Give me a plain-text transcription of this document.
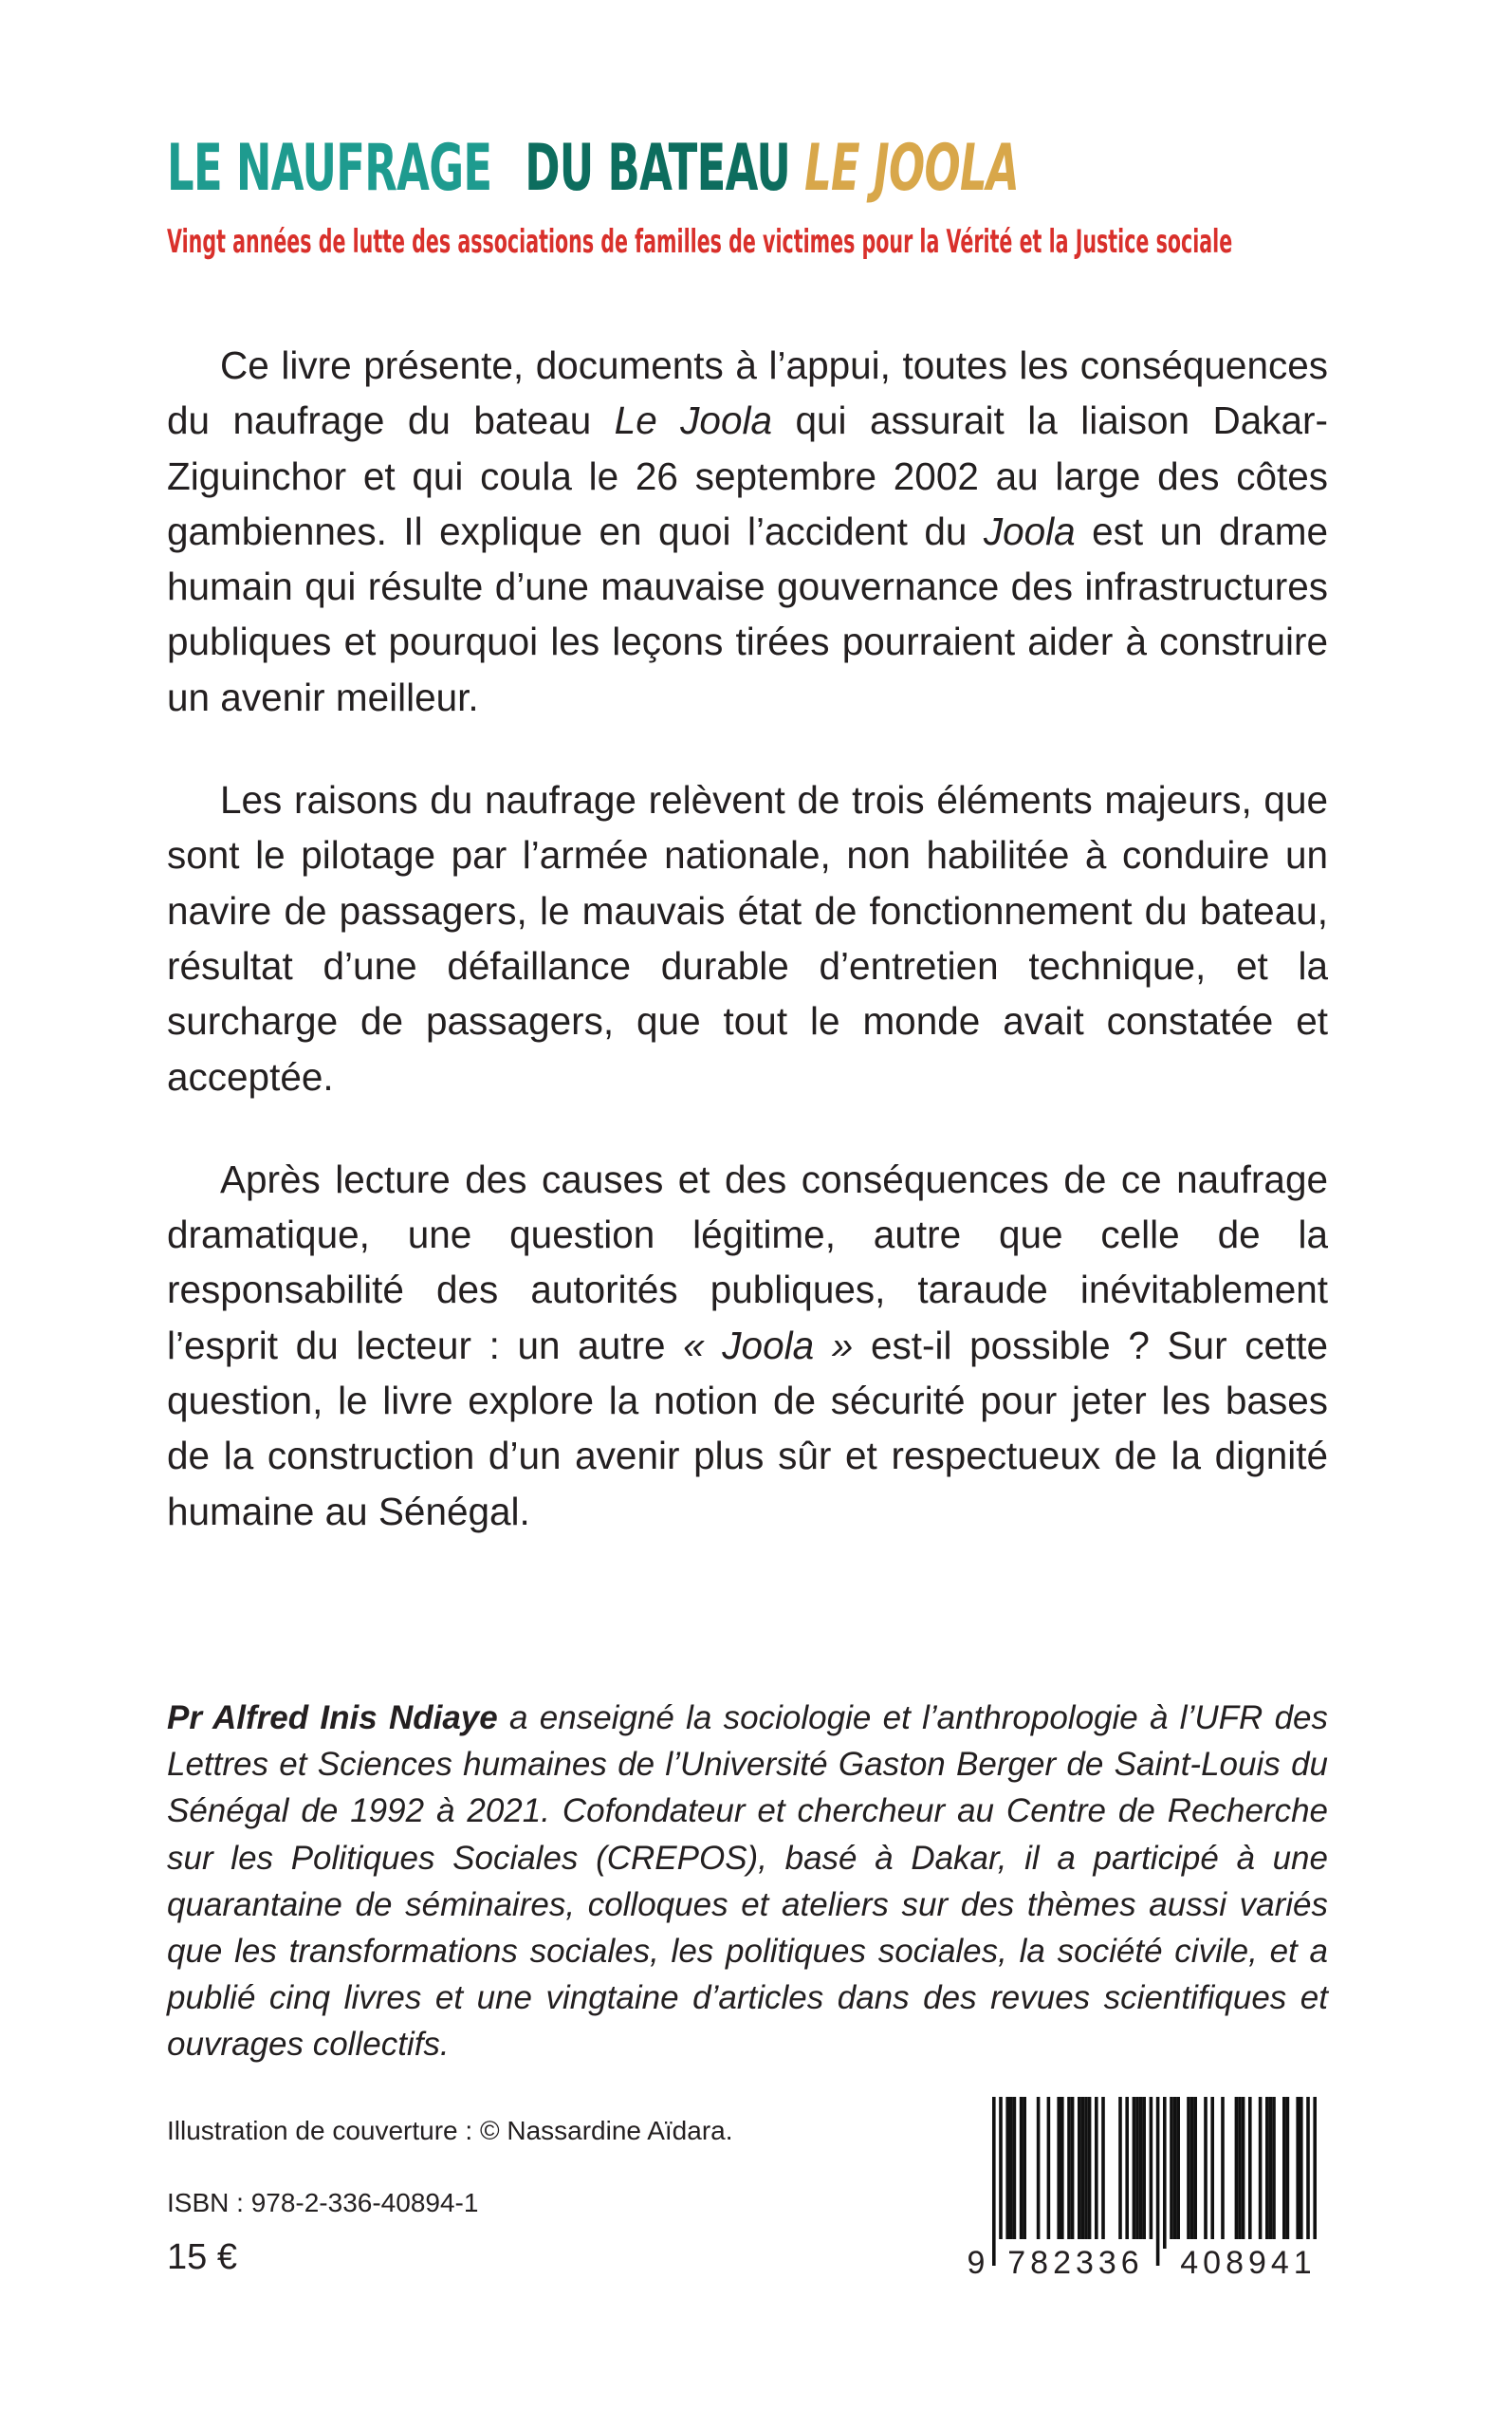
LE NAUFRAGE DU BATEAU LE JOOLA
Vingt années de lutte des associations de familles de victimes pour la Vérité et la Justice sociale

Ce livre présente, documents à l’appui, toutes les conséquences du naufrage du bateau Le Joola qui assurait la liaison Dakar-Ziguinchor et qui coula le 26 septembre 2002 au large des côtes gambiennes. Il explique en quoi l’accident du Joola est un drame humain qui résulte d’une mauvaise gouvernance des infrastructures publiques et pourquoi les leçons tirées pourraient aider à construire un avenir meilleur.

Les raisons du naufrage relèvent de trois éléments majeurs, que sont le pilotage par l’armée nationale, non habilitée à conduire un navire de passagers, le mauvais état de fonctionnement du bateau, résultat d’une défaillance durable d’entretien technique, et la surcharge de passagers, que tout le monde avait constatée et acceptée.

Après lecture des causes et des conséquences de ce naufrage dramatique, une question légitime, autre que celle de la responsabilité des autorités publiques, taraude inévitablement l’esprit du lecteur : un autre « Joola » est-il possible ? Sur cette question, le livre explore la notion de sécurité pour jeter les bases de la construction d’un avenir plus sûr et respectueux de la dignité humaine au Sénégal.

Pr Alfred Inis Ndiaye a enseigné la sociologie et l’anthropologie à l’UFR des Lettres et Sciences humaines de l’Université Gaston Berger de Saint-Louis du Sénégal de 1992 à 2021. Cofondateur et chercheur au Centre de Recherche sur les Politiques Sociales (CREPOS), basé à Dakar, il a participé à une quarantaine de séminaires, colloques et ateliers sur des thèmes aussi variés que les transformations sociales, les politiques sociales, la société civile, et a publié cinq livres et une vingtaine d’articles dans des revues scientifiques et ouvrages collectifs.
Illustration de couverture : © Nassardine Aïdara.
ISBN : 978-2-336-40894-1
15 €	9 782336	408941
